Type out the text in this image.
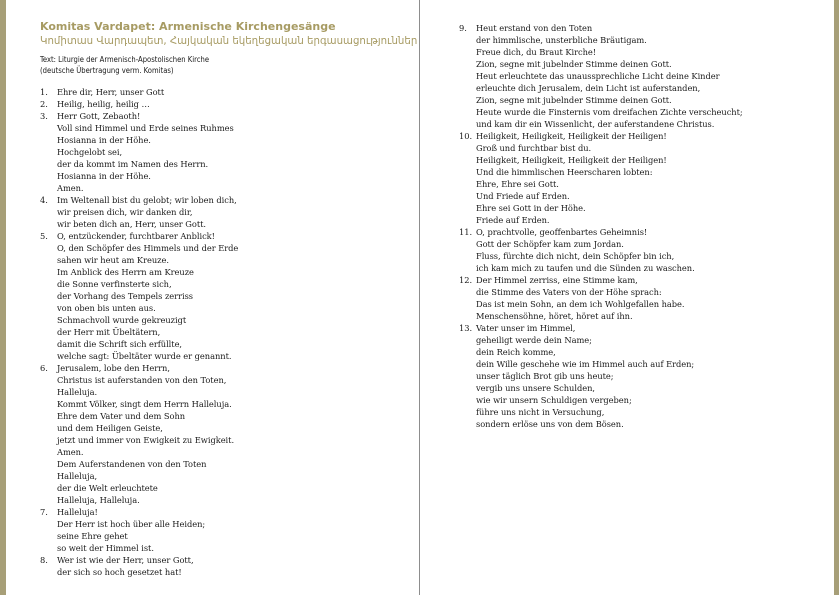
Komitas Vardapet: Armenische Kirchengesänge
Կոմիտաս Վարդապետ, Հայկական եկեղեցական երգասացություններ
Text: Liturgie der Armenisch-Apostolischen Kirche
(deutsche Übertragung verm. Komitas)
1. Ehre dir, Herr, unser Gott
2. Heilig, heilig, heilig …
3. Herr Gott, Zebaoth!
Voll sind Himmel und Erde seines Ruhmes
Hosianna in der Höhe.
Hochgelobt sei,
der da kommt im Namen des Herrn.
Hosianna in der Höhe.
Amen.
4. Im Weltenall bist du gelobt; wir loben dich,
wir preisen dich, wir danken dir,
wir beten dich an, Herr, unser Gott.
5. O, entzückender, furchtbarer Anblick!
O, den Schöpfer des Himmels und der Erde
sahen wir heut am Kreuze.
Im Anblick des Herrn am Kreuze
die Sonne verfinsterte sich,
der Vorhang des Tempels zerriss
von oben bis unten aus.
Schmachvoll wurde gekreuzigt
der Herr mit Übeltätern,
damit die Schrift sich erfüllte,
welche sagt: Übeltäter wurde er genannt.
6. Jerusalem, lobe den Herrn,
Christus ist auferstanden von den Toten,
Halleluja.
Kommt Völker, singt dem Herrn Halleluja.
Ehre dem Vater und dem Sohn
und dem Heiligen Geiste,
jetzt und immer von Ewigkeit zu Ewigkeit.
Amen.
Dem Auferstandenen von den Toten
Halleluja,
der die Welt erleuchtete
Halleluja, Halleluja.
7. Halleluja!
Der Herr ist hoch über alle Heiden;
seine Ehre gehet
so weit der Himmel ist.
8. Wer ist wie der Herr, unser Gott,
der sich so hoch gesetzet hat!
9. Heut erstand von den Toten
der himmlische, unsterbliche Bräutigam.
Freue dich, du Braut Kirche!
Zion, segne mit jubelnder Stimme deinen Gott.
Heut erleuchtete das unaussprechliche Licht deine Kinder
erleuchte dich Jerusalem, dein Licht ist auferstanden,
Zion, segne mit jubelnder Stimme deinen Gott.
Heute wurde die Finsternis vom dreifachen Zichte verscheucht;
und kam dir ein Wissenlicht, der auferstandene Christus.
10. Heiligkeit, Heiligkeit, Heiligkeit der Heiligen!
Groß und furchtbar bist du.
Heiligkeit, Heiligkeit, Heiligkeit der Heiligen!
Und die himmlischen Heerscharen lobten:
Ehre, Ehre sei Gott.
Und Friede auf Erden.
Ehre sei Gott in der Höhe.
Friede auf Erden.
11. O, prachtvolle, geoffenbartes Geheimnis!
Gott der Schöpfer kam zum Jordan.
Fluss, fürchte dich nicht, dein Schöpfer bin ich,
ich kam mich zu taufen und die Sünden zu waschen.
12. Der Himmel zerriss, eine Stimme kam,
die Stimme des Vaters von der Höhe sprach:
Das ist mein Sohn, an dem ich Wohlgefallen habe.
Menschensöhne, höret, höret auf ihn.
13. Vater unser im Himmel,
geheiligt werde dein Name;
dein Reich komme,
dein Wille geschehe wie im Himmel auch auf Erden;
unser täglich Brot gib uns heute;
vergib uns unsere Schulden,
wie wir unsern Schuldigen vergeben;
führe uns nicht in Versuchung,
sondern erlöse uns von dem Bösen.
